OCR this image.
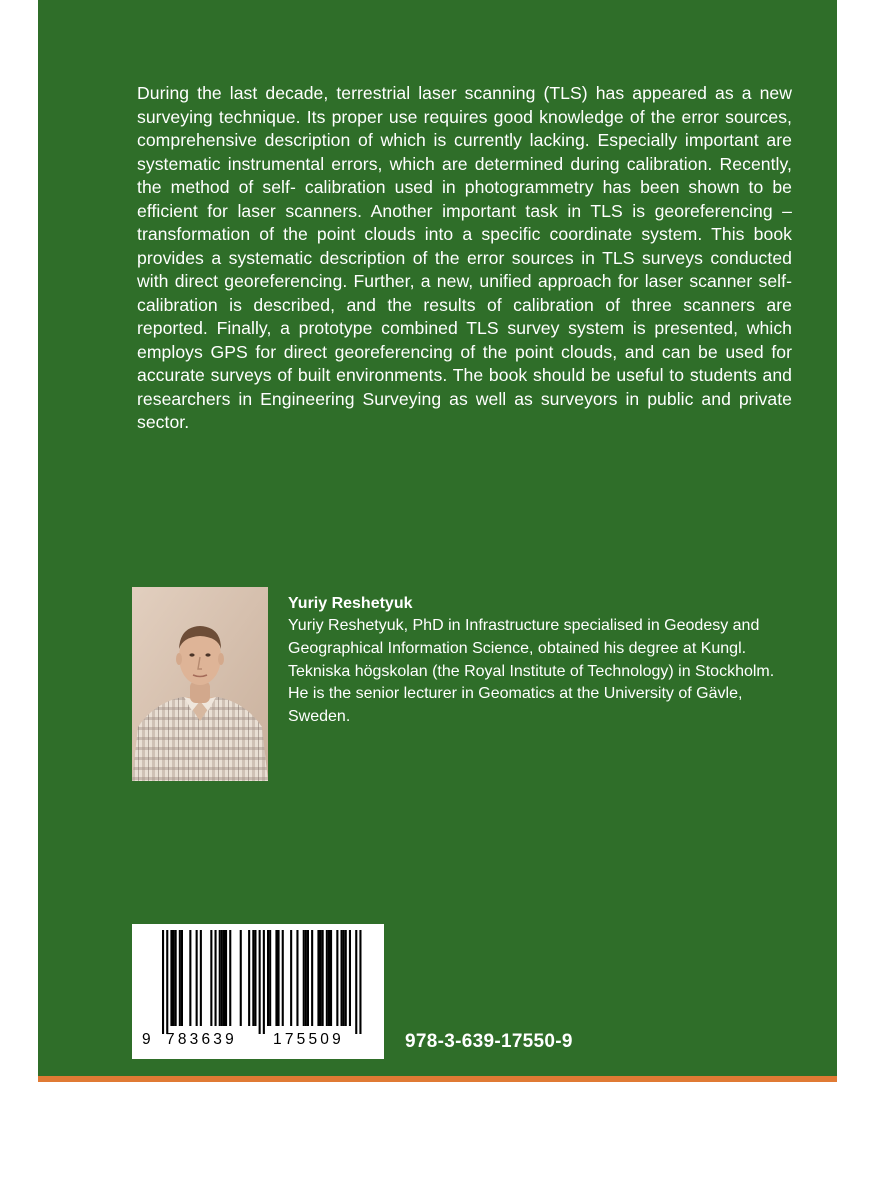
During the last decade, terrestrial laser scanning (TLS) has appeared as a new surveying technique. Its proper use requires good knowledge of the error sources, comprehensive description of which is currently lacking. Especially important are systematic instrumental errors, which are determined during calibration. Recently, the method of self- calibration used in photogrammetry has been shown to be efficient for laser scanners. Another important task in TLS is georeferencing – transformation of the point clouds into a specific coordinate system. This book provides a systematic description of the error sources in TLS surveys conducted with direct georeferencing. Further, a new, unified approach for laser scanner self-calibration is described, and the results of calibration of three scanners are reported. Finally, a prototype combined TLS survey system is presented, which employs GPS for direct georeferencing of the point clouds, and can be used for accurate surveys of built environments. The book should be useful to students and researchers in Engineering Surveying as well as surveyors in public and private sector.

Yuriy Reshetyuk

Yuriy Reshetyuk, PhD in Infrastructure specialised in Geodesy and Geographical Information Science, obtained his degree at Kungl. Tekniska högskolan (the Royal Institute of Technology) in Stockholm. He is the senior lecturer in Geomatics at the University of Gävle, Sweden.

9 783639 175509	978-3-639-17550-9
